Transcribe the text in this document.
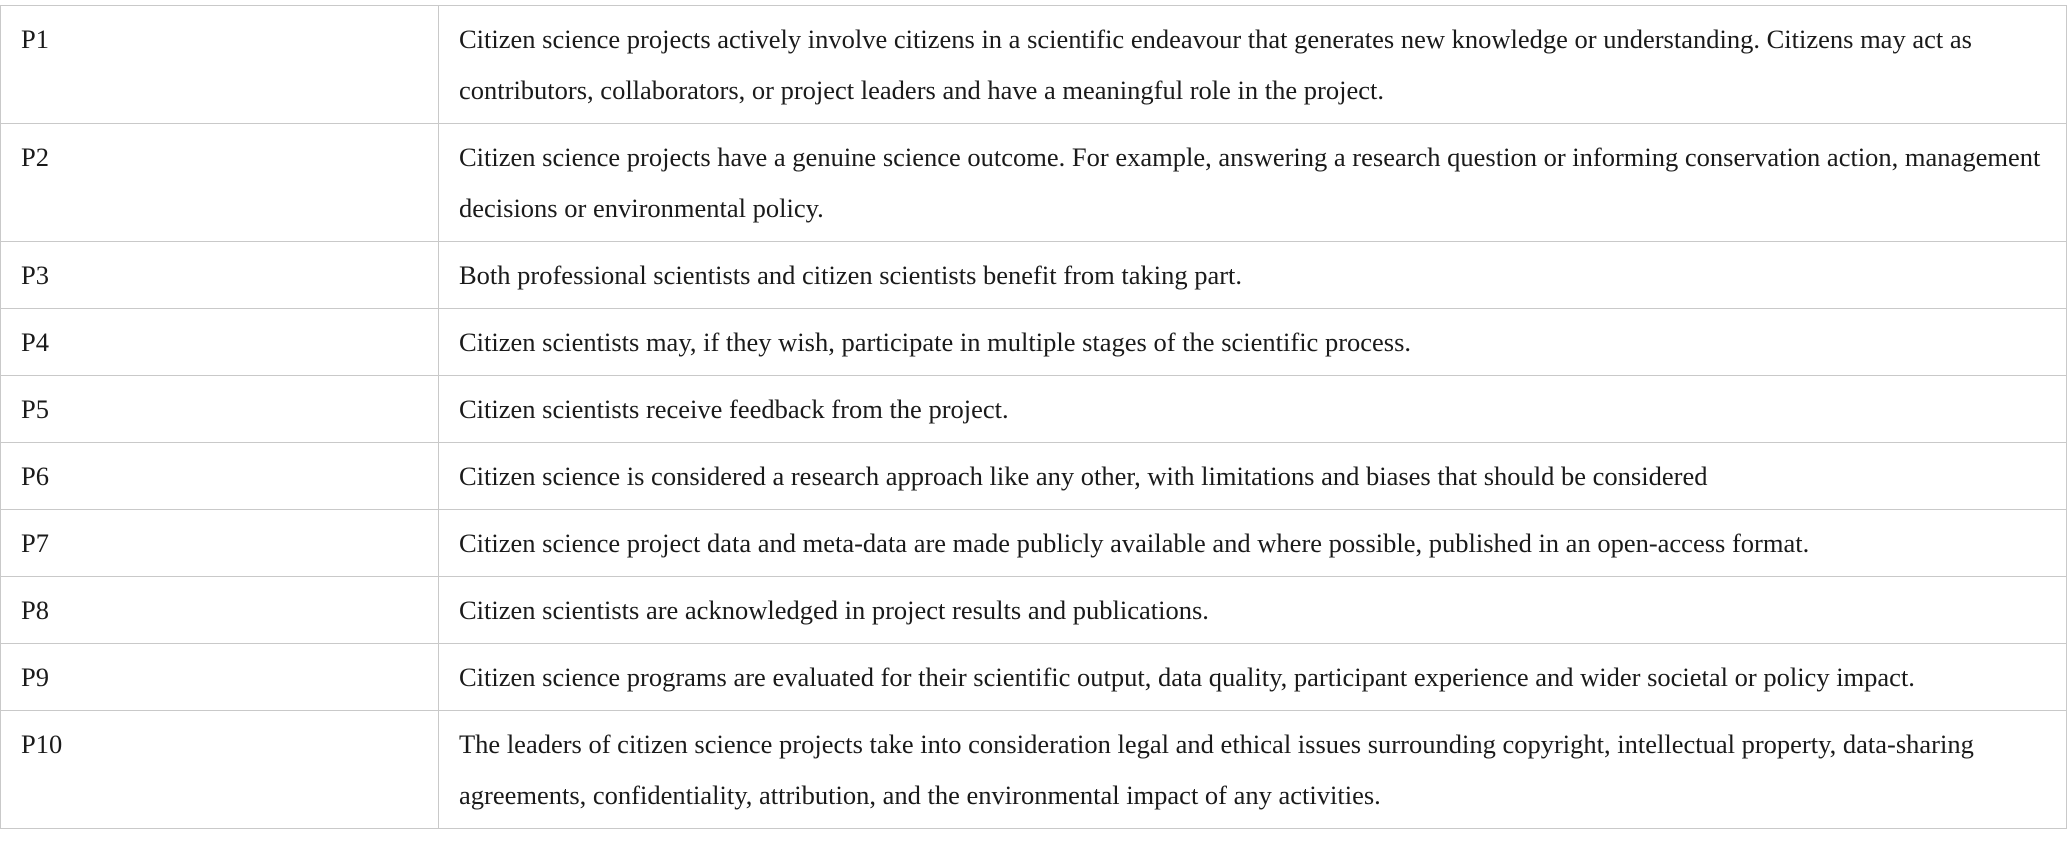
P1	Citizen science projects actively involve citizens in a scientific endeavour that generates new knowledge or understanding. Citizens may act as contributors, collaborators, or project leaders and have a meaningful role in the project.
P2	Citizen science projects have a genuine science outcome. For example, answering a research question or informing conservation action, management decisions or environmental policy.
P3	Both professional scientists and citizen scientists benefit from taking part.
P4	Citizen scientists may, if they wish, participate in multiple stages of the scientific process.
P5	Citizen scientists receive feedback from the project.
P6	Citizen science is considered a research approach like any other, with limitations and biases that should be considered
P7	Citizen science project data and meta-data are made publicly available and where possible, published in an open-access format.
P8	Citizen scientists are acknowledged in project results and publications.
P9	Citizen science programs are evaluated for their scientific output, data quality, participant experience and wider societal or policy impact.
P10	The leaders of citizen science projects take into consideration legal and ethical issues surrounding copyright, intellectual property, data-sharing agreements, confidentiality, attribution, and the environmental impact of any activities.
